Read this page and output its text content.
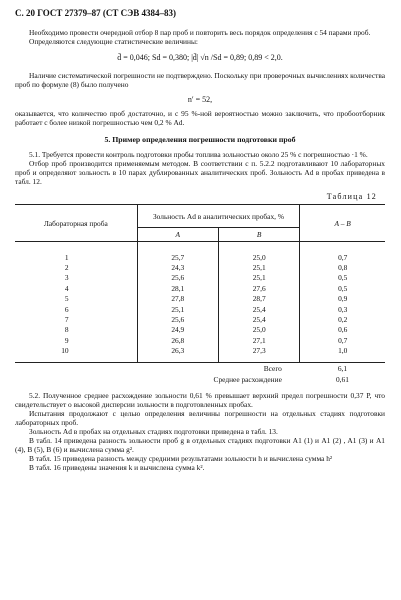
С. 20 ГОСТ 27379–87 (СТ СЭВ 4384–83)

Необходимо провести очередной отбор 8 пар проб и повторить весь порядок определения с 54 парами проб.

Определяются следующие статистические величины:

d̄ = 0,046; Sd = 0,380; |d̄| √n /Sd = 0,89; 0,89 < 2,0.

Наличие систематической погрешности не подтверждено. Поскольку при проверочных вычислениях количества проб по формуле (8) было получено

n′ = 52,

оказывается, что количество проб достаточно, и с 95 %-ной вероятностью можно заключить, что пробоотборник работает с более низкой погрешностью чем 0,2 % Ad.

5. Пример определения погрешности подготовки проб

5.1. Требуется провести контроль подготовки пробы топлива зольностью около 25 % с погрешностью ·1 %.

Отбор проб производится применяемым методом. В соответствии с п. 5.2.2 подготавливают 10 лабораторных проб и определяют зольность в 10 парах дублированных аналитических проб. Зольность Ad в пробах приведена в табл. 12.

Таблица 12
Лабораторная проба	Зольность Ad в аналитических пробах, %		A – B
	A	B	

1	25,7	25,0	0,7
2	24,3	25,1	0,8
3	25,6	25,1	0,5
4	28,1	27,6	0,5
5	27,8	28,7	0,9
6	25,1	25,4	0,3
7	25,6	25,4	0,2
8	24,9	25,0	0,6
9	26,8	27,1	0,7
10	26,3	27,3	1,0
Всего			6,1
Среднее расхождение			0,61

5.2. Полученное среднее расхождение зольности 0,61 % превышает верхний предел погрешности 0,37 P, что свидетельствует о высокой дисперсии зольности в подготовленных пробах.

Испытания продолжают с целью определения величины погрешности на отдельных стадиях подготовки лабораторных проб.

Зольность Ad в пробах на отдельных стадиях подготовки приведена в табл. 13.

В табл. 14 приведена разность зольности проб g в отдельных стадиях подготовки A1 (1) и A1 (2) , A1 (3) и A1 (4), B (5), B (6) и вычислена сумма g².

В табл. 15 приведена разность между средними результатами зольности h и вычислена сумма h²

В табл. 16 приведены значения k и вычислена сумма k².
